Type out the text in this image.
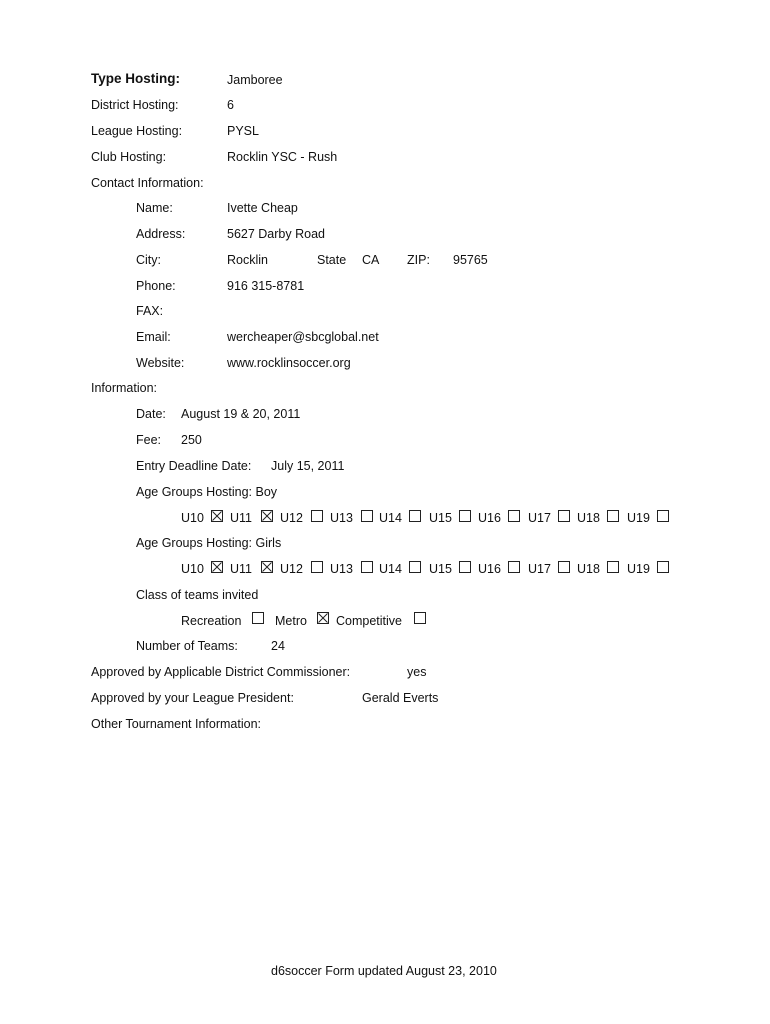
Type Hosting:	Jamboree
District Hosting:	6
League Hosting:	PYSL
Club Hosting:	Rocklin YSC - Rush
Contact Information:
Name:	Ivette Cheap
Address:	5627 Darby Road
City:	Rocklin	State CA ZIP: 95765
Phone:	916 315-8781
FAX:
Email:	wercheaper@sbcglobal.net
Website:	www.rocklinsoccer.org
Information:
Date: August 19 & 20, 2011
Fee: 250
Entry Deadline Date: July 15, 2011
Age Groups Hosting: Boy
U10 U11 U12 U13 U14 U15 U16 U17 U18 U19
Age Groups Hosting: Girls
U10 U11 U12 U13 U14 U15 U16 U17 U18 U19
Class of teams invited
Recreation	Metro Competitive
Number of Teams:	24
Approved by Applicable District Commissioner:	yes
Approved by your League President:	Gerald Everts
Other Tournament Information:
d6soccer Form updated August 23, 2010
